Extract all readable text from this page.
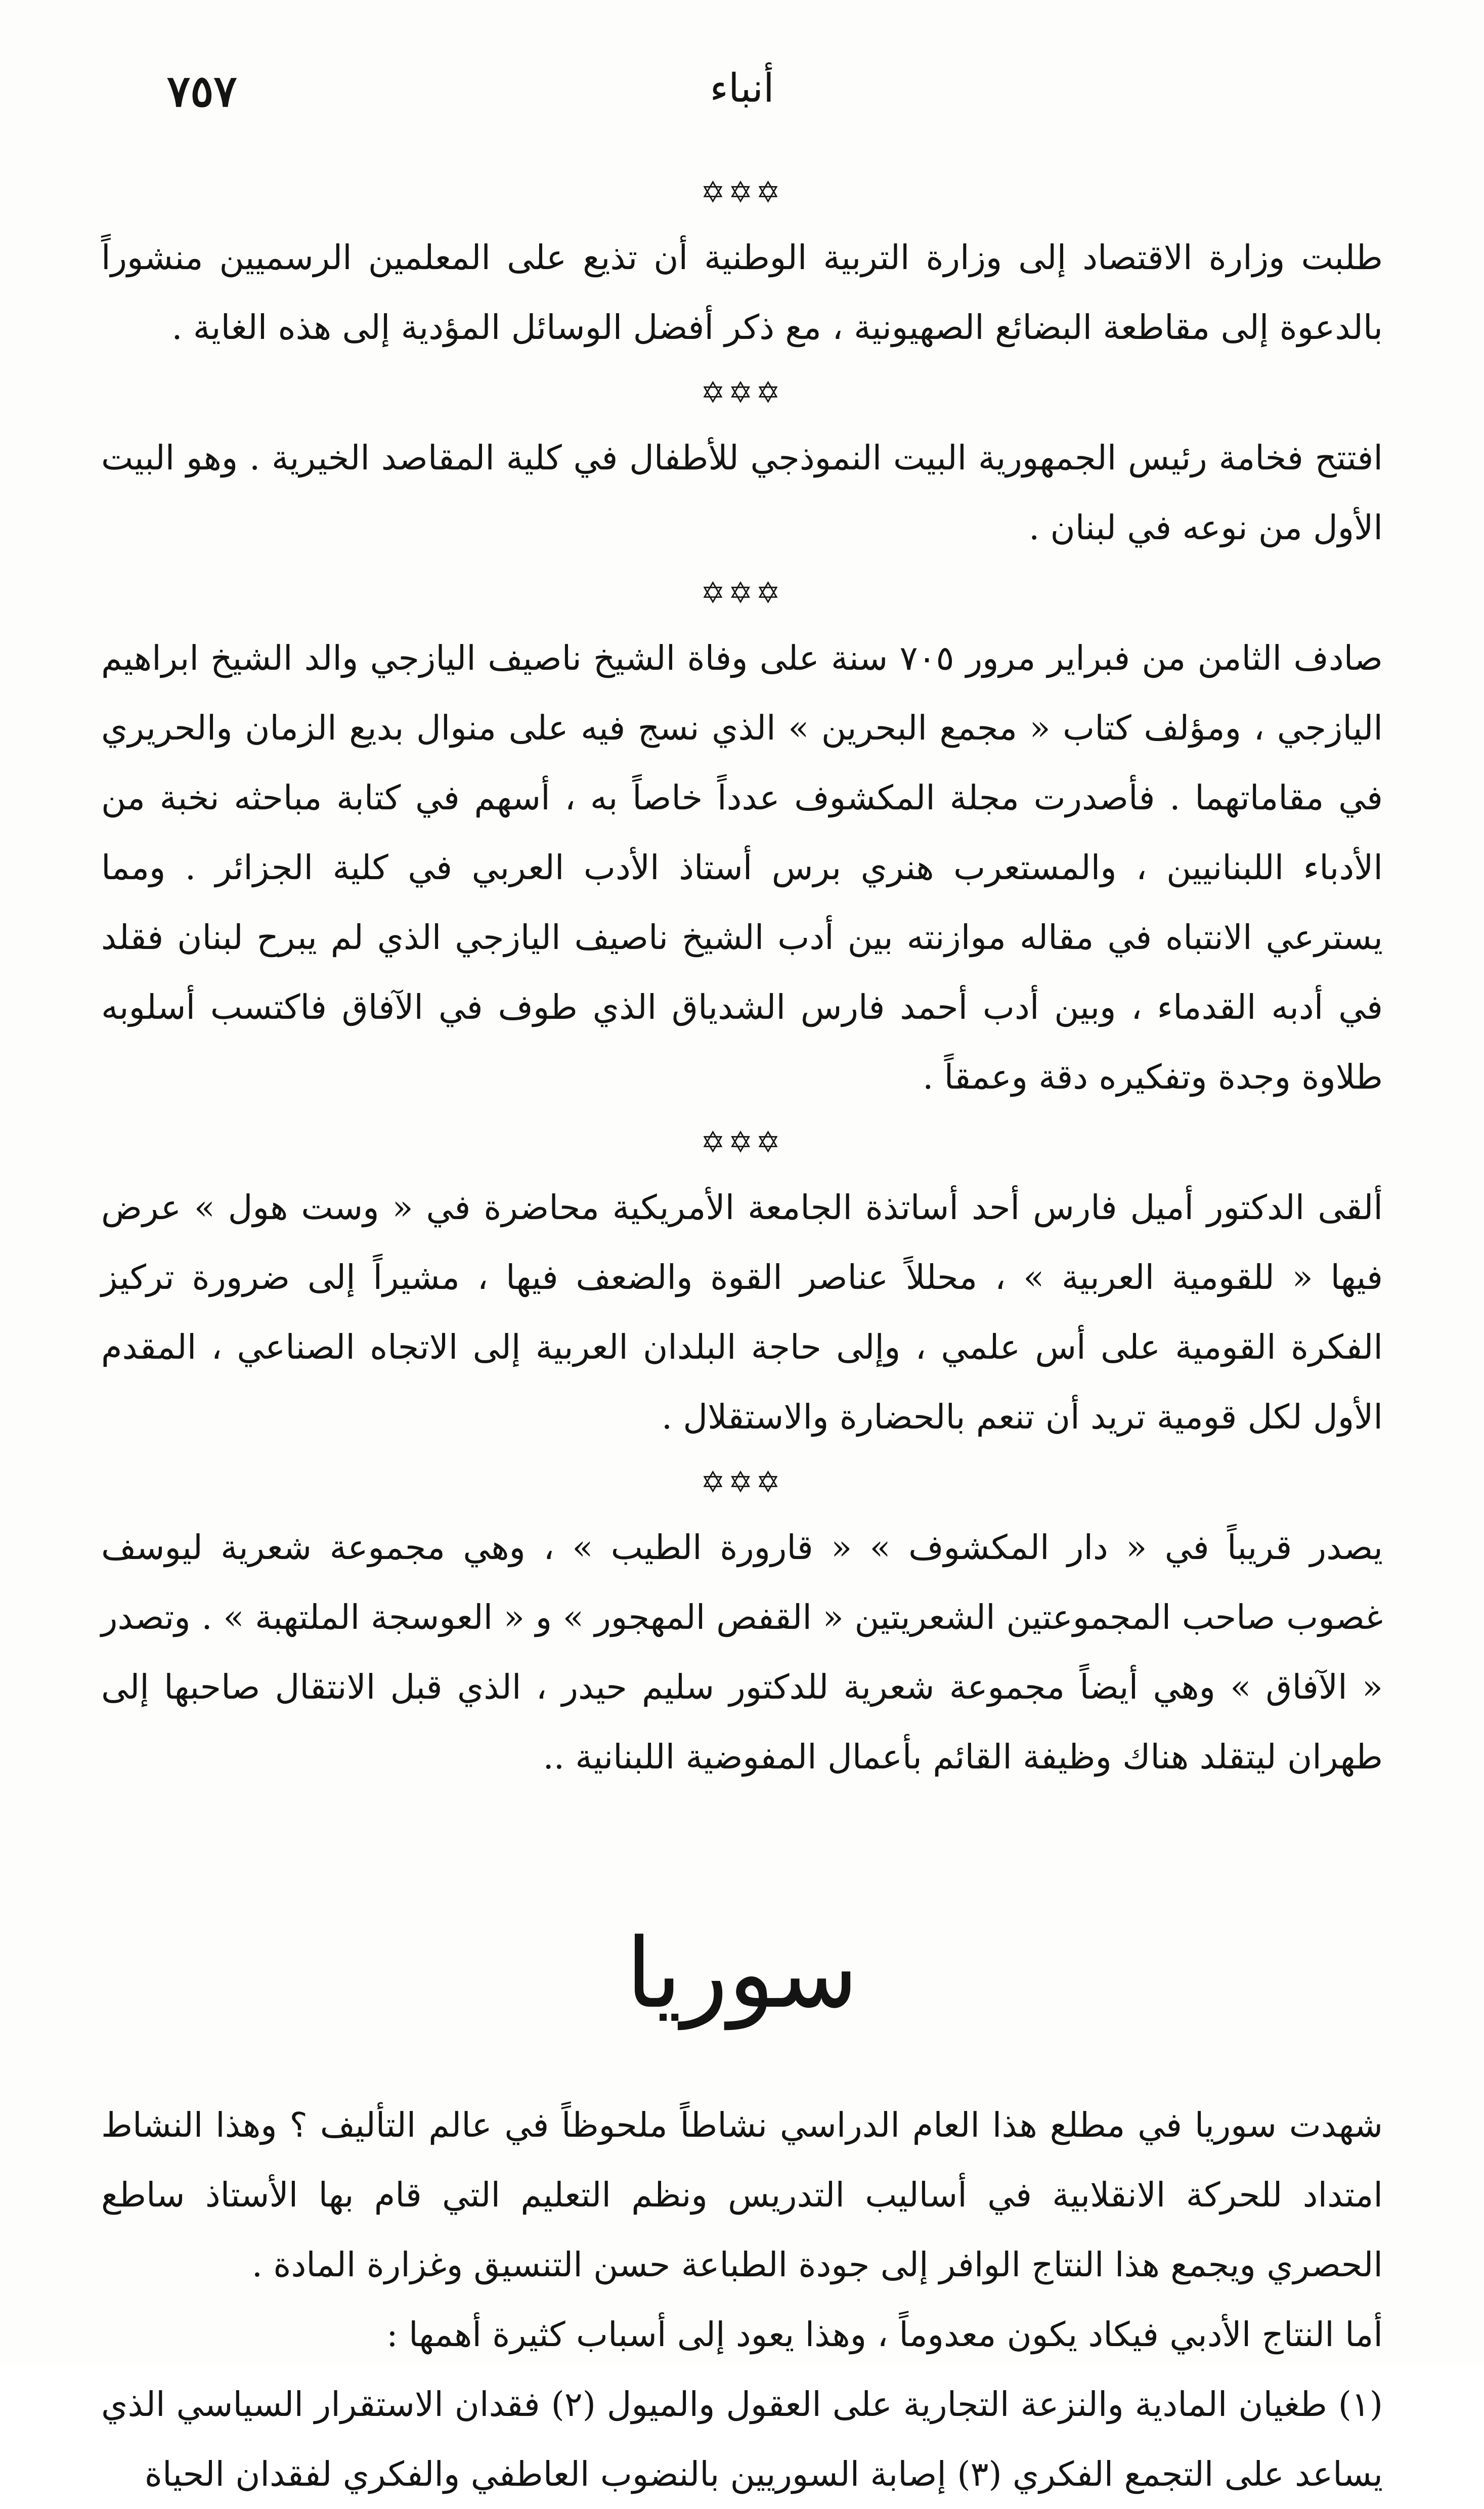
٧٥٧	أنباء
✡✡✡

طلبت وزارة الاقتصاد إلى وزارة التربية الوطنية أن تذيع على المعلمين الرسميين منشوراً بالدعوة إلى مقاطعة البضائع الصهيونية ، مع ذكر أفضل الوسائل المؤدية إلى هذه الغاية .

✡✡✡

افتتح فخامة رئيس الجمهورية البيت النموذجي للأطفال في كلية المقاصد الخيرية . وهو البيت الأول من نوعه في لبنان .

✡✡✡

صادف الثامن من فبراير مرور ٧٠٥ سنة على وفاة الشيخ ناصيف اليازجي والد الشيخ ابراهيم اليازجي ، ومؤلف كتاب « مجمع البحرين » الذي نسج فيه على منوال بديع الزمان والحريري في مقاماتهما . فأصدرت مجلة المكشوف عدداً خاصاً به ، أسهم في كتابة مباحثه نخبة من الأدباء اللبنانيين ، والمستعرب هنري برس أستاذ الأدب العربي في كلية الجزائر . ومما يسترعي الانتباه في مقاله موازنته بين أدب الشيخ ناصيف اليازجي الذي لم يبرح لبنان فقلد في أدبه القدماء ، وبين أدب أحمد فارس الشدياق الذي طوف في الآفاق فاكتسب أسلوبه طلاوة وجدة وتفكيره دقة وعمقاً .

✡✡✡

ألقى الدكتور أميل فارس أحد أساتذة الجامعة الأمريكية محاضرة في « وست هول » عرض فيها « للقومية العربية » ، محللاً عناصر القوة والضعف فيها ، مشيراً إلى ضرورة تركيز الفكرة القومية على أس علمي ، وإلى حاجة البلدان العربية إلى الاتجاه الصناعي ، المقدم الأول لكل قومية تريد أن تنعم بالحضارة والاستقلال .

✡✡✡

يصدر قريباً في « دار المكشوف » « قارورة الطيب » ، وهي مجموعة شعرية ليوسف غصوب صاحب المجموعتين الشعريتين « القفص المهجور » و « العوسجة الملتهبة » . وتصدر « الآفاق » وهي أيضاً مجموعة شعرية للدكتور سليم حيدر ، الذي قبل الانتقال صاحبها إلى طهران ليتقلد هناك وظيفة القائم بأعمال المفوضية اللبنانية ..

سوريا

شهدت سوريا في مطلع هذا العام الدراسي نشاطاً ملحوظاً في عالم التأليف ؟ وهذا النشاط امتداد للحركة الانقلابية في أساليب التدريس ونظم التعليم التي قام بها الأستاذ ساطع الحصري ويجمع هذا النتاج الوافر إلى جودة الطباعة حسن التنسيق وغزارة المادة .

أما النتاج الأدبي فيكاد يكون معدوماً ، وهذا يعود إلى أسباب كثيرة أهمها :

(١) طغيان المادية والنزعة التجارية على العقول والميول (٢) فقدان الاستقرار السياسي الذي يساعد على التجمع الفكري (٣) إصابة السوريين بالنضوب العاطفي والفكري لفقدان الحياة
